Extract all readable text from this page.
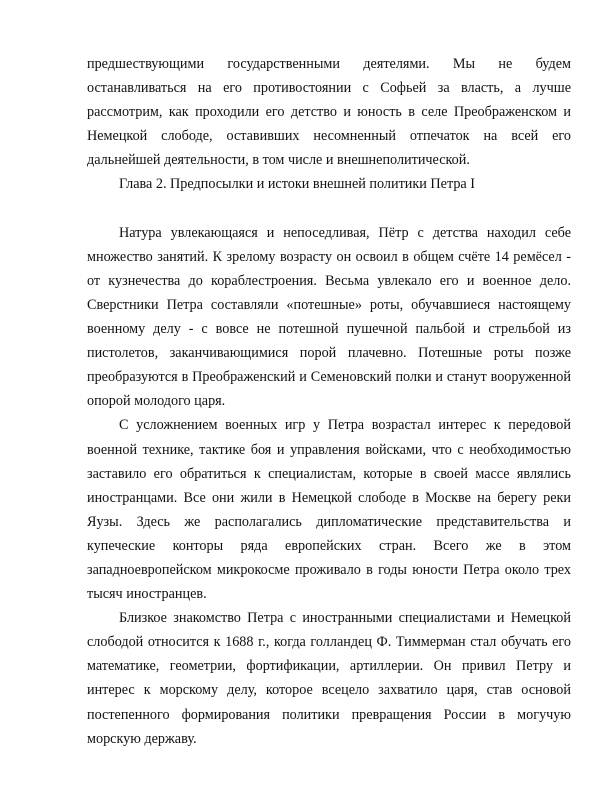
предшествующими государственными деятелями. Мы не будем останавливаться на его противостоянии с Софьей за власть, а лучше рассмотрим, как проходили его детство и юность в селе Преображенском и Немецкой слободе, оставивших несомненный отпечаток на всей его дальнейшей деятельности, в том числе и внешнеполитической.

Глава 2. Предпосылки и истоки внешней политики Петра I

Натура увлекающаяся и непоседливая, Пётр с детства находил себе множество занятий. К зрелому возрасту он освоил в общем счёте 14 ремёсел - от кузнечества до кораблестроения. Весьма увлекало его и военное дело. Сверстники Петра составляли «потешные» роты, обучавшиеся настоящему военному делу - с вовсе не потешной пушечной пальбой и стрельбой из пистолетов, заканчивающимися порой плачевно. Потешные роты позже преобразуются в Преображенский и Семеновский полки и станут вооруженной опорой молодого царя.

С усложнением военных игр у Петра возрастал интерес к передовой военной технике, тактике боя и управления войсками, что с необходимостью заставило его обратиться к специалистам, которые в своей массе являлись иностранцами. Все они жили в Немецкой слободе в Москве на берегу реки Яузы. Здесь же располагались дипломатические представительства и купеческие конторы ряда европейских стран. Всего же в этом западноевропейском микрокосме проживало в годы юности Петра около трех тысяч иностранцев.

Близкое знакомство Петра с иностранными специалистами и Немецкой слободой относится к 1688 г., когда голландец Ф. Тиммерман стал обучать его математике, геометрии, фортификации, артиллерии. Он привил Петру и интерес к морскому делу, которое всецело захватило царя, став основой постепенного формирования политики превращения России в могучую морскую державу.
